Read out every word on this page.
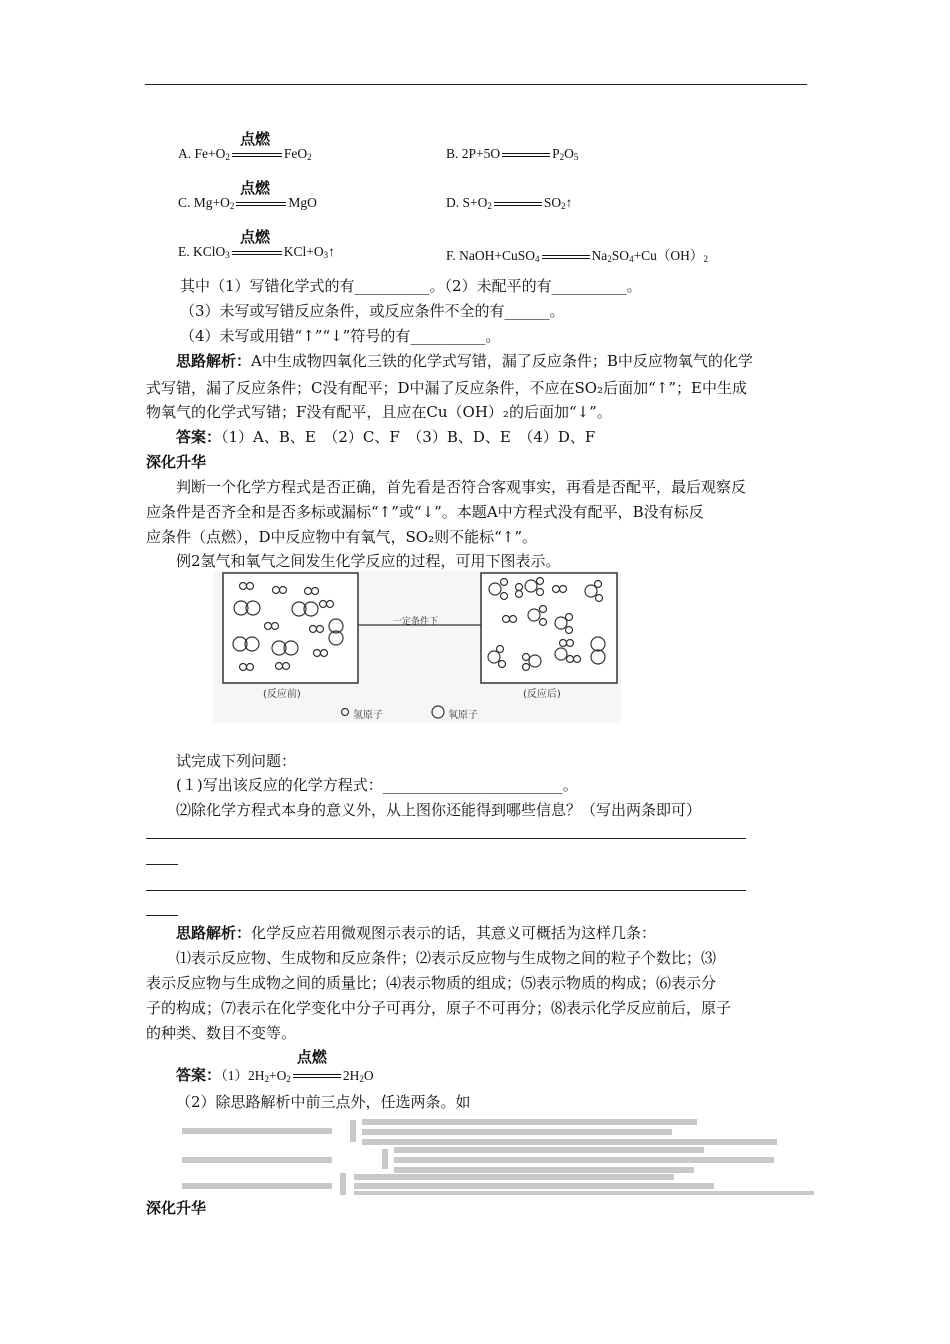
A. $Fe+O_2$
点燃
FeO$_2$	B. 2P+5O	$P_2O_5$
C. $Mg+O_2$
点燃
MgO	D. $S+O_2$	$SO_2↑$
E. KClO$_3$
点燃
$KCl+O_3↑$	F. NaOH+CuSO$_4$	$Na_2SO_4+Cu(OH)_2$
其中（1）写错化学式的有__________。（2）未配平的有__________。
（3）未写或写错反应条件，或反应条件不全的有______。
（4）未写或用错“↑”“↓”符号的有__________。
思路解析：A中生成物四氧化三铁的化学式写错，漏了反应条件；B中反应物氧气的化学
式写错，漏了反应条件；C没有配平；D中漏了反应条件，不应在SO₂后面加“↑”；E中生成
物氧气的化学式写错；F没有配平，且应在Cu（OH）₂的后面加“↓”。
答案：（1）A、B、E　（2）C、F　（3）B、D、E　（4）D、F
深化升华
判断一个化学方程式是否正确，首先看是否符合客观事实，再看是否配平，最后观察反
应条件是否齐全和是否多标或漏标“↑”或“↓”。本题A中方程式没有配平，B没有标反
应条件（点燃），D中反应物中有氧气，SO₂则不能标“↑”。
例2氢气和氧气之间发生化学反应的过程，可用下图表示。
一定条件下
(反应前)	(反应后)
氢原子	氧原子
试完成下列问题：
(１)写出该反应的化学方程式：________________________。
⑵除化学方程式本身的意义外，从上图你还能得到哪些信息？（写出两条即可）
思路解析：化学反应若用微观图示表示的话，其意义可概括为这样几条：
⑴表示反应物、生成物和反应条件；⑵表示反应物与生成物之间的粒子个数比；⑶
表示反应物与生成物之间的质量比；⑷表示物质的组成；⑸表示物质的构成；⑹表示分
子的构成；⑺表示在化学变化中分子可再分，原子不可再分；⑻表示化学反应前后，原子
的种类、数目不变等。
答案：$(1)2H_2+O_2$
点燃
$2H_2O$
（2）除思路解析中前三点外，任选两条。如
深化升华
